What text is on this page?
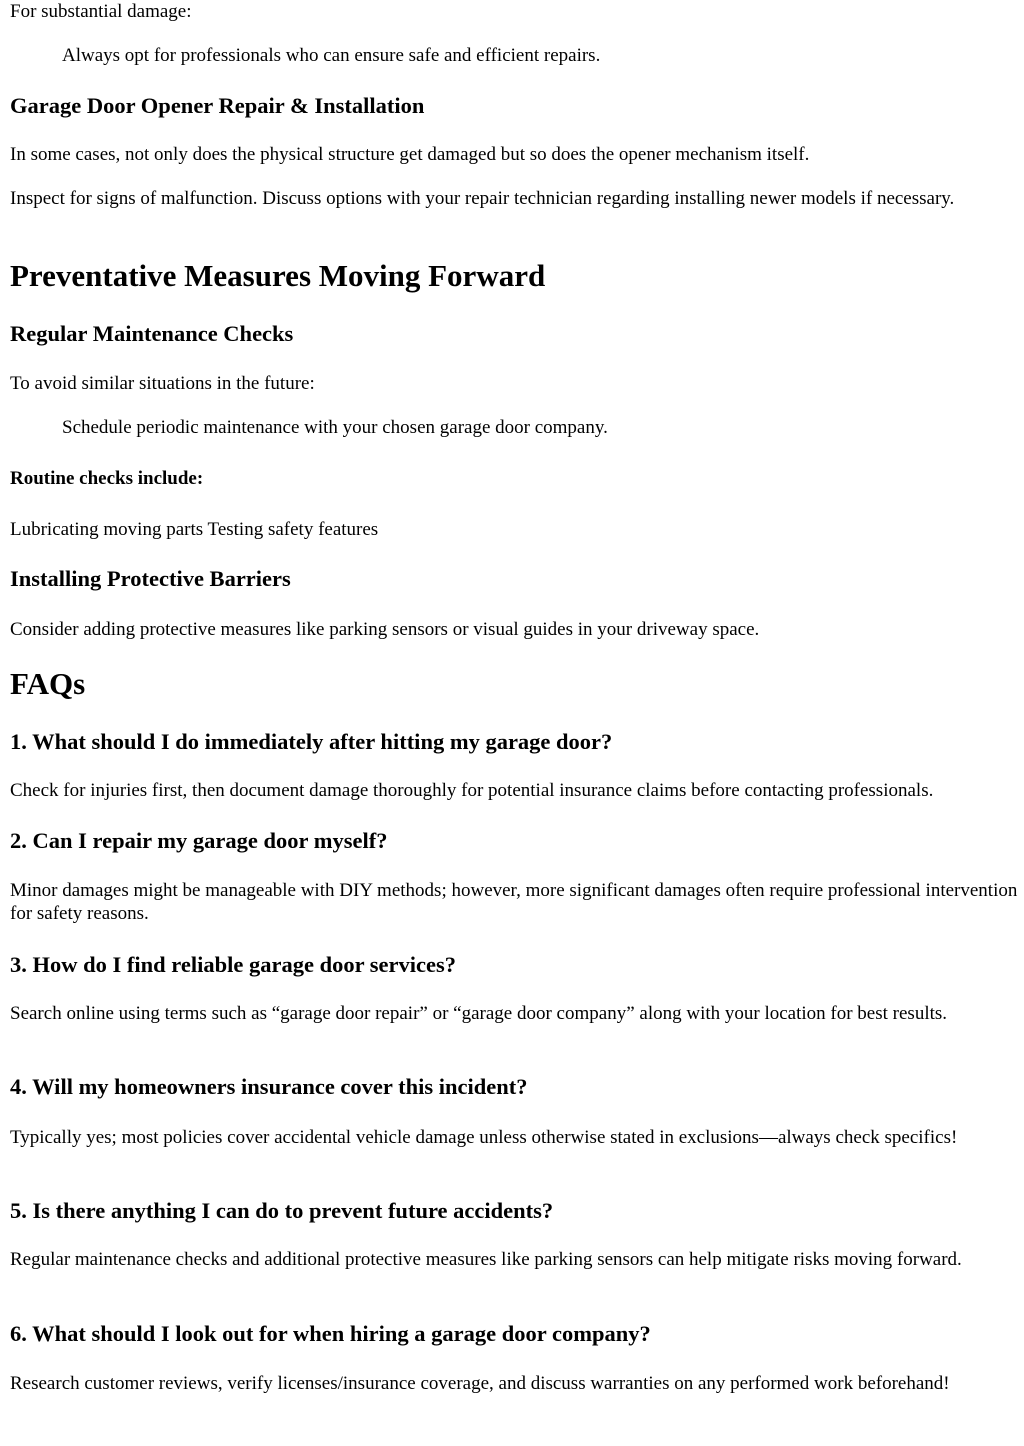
For substantial damage:

Always opt for professionals who can ensure safe and efficient repairs.

Garage Door Opener Repair & Installation

In some cases, not only does the physical structure get damaged but so does the opener mechanism itself.

Inspect for signs of malfunction. Discuss options with your repair technician regarding installing newer models if necessary.

Preventative Measures Moving Forward
Regular Maintenance Checks

To avoid similar situations in the future:

Schedule periodic maintenance with your chosen garage door company.

Routine checks include:

Lubricating moving parts Testing safety features

Installing Protective Barriers

Consider adding protective measures like parking sensors or visual guides in your driveway space.

FAQs
1. What should I do immediately after hitting my garage door?

Check for injuries first, then document damage thoroughly for potential insurance claims before contacting professionals.

2. Can I repair my garage door myself?

Minor damages might be manageable with DIY methods; however, more significant damages often require professional intervention for safety reasons.

3. How do I find reliable garage door services?

Search online using terms such as “garage door repair” or “garage door company” along with your location for best results.

4. Will my homeowners insurance cover this incident?

Typically yes; most policies cover accidental vehicle damage unless otherwise stated in exclusions—always check specifics!

5. Is there anything I can do to prevent future accidents?

Regular maintenance checks and additional protective measures like parking sensors can help mitigate risks moving forward.

6. What should I look out for when hiring a garage door company?

Research customer reviews, verify licenses/insurance coverage, and discuss warranties on any performed work beforehand!
